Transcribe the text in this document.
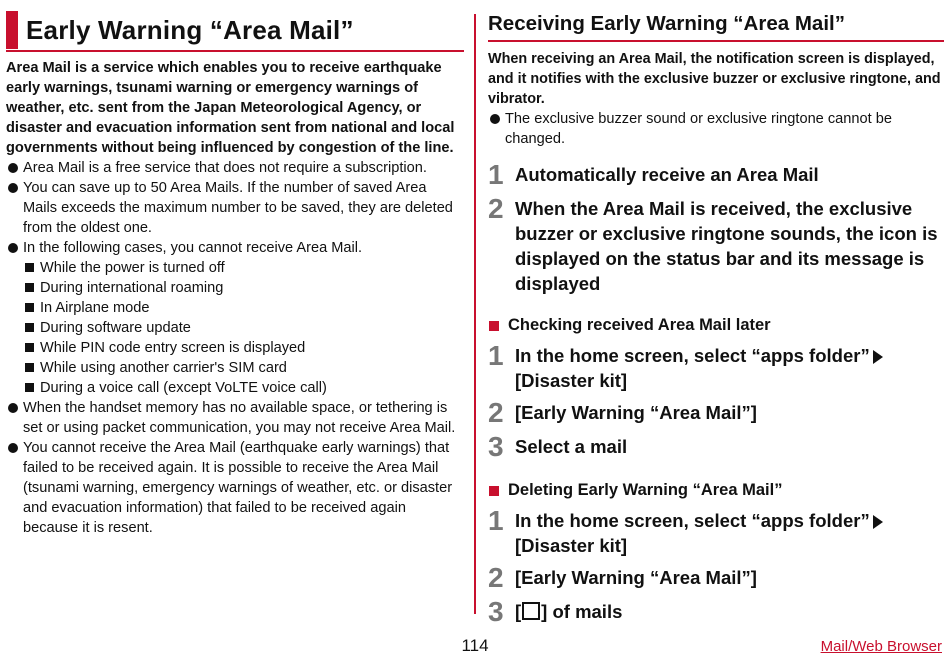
Early Warning “Area Mail”

Area Mail is a service which enables you to receive earthquake early warnings, tsunami warning or emergency warnings of weather, etc. sent from the Japan Meteorological Agency, or disaster and evacuation information sent from national and local governments without being influenced by congestion of the line.

Area Mail is a free service that does not require a subscription.
You can save up to 50 Area Mails. If the number of saved Area Mails exceeds the maximum number to be saved, they are deleted from the oldest one.
In the following cases, you cannot receive Area Mail.
While the power is turned off
During international roaming
In Airplane mode
During software update
While PIN code entry screen is displayed
While using another carrier's SIM card
During a voice call (except VoLTE voice call)
When the handset memory has no available space, or tethering is set or using packet communication, you may not receive Area Mail.
You cannot receive the Area Mail (earthquake early warnings) that failed to be received again. It is possible to receive the Area Mail (tsunami warning, emergency warnings of weather, etc. or disaster and evacuation information) that failed to be received again because it is resent.
Receiving Early Warning “Area Mail”

When receiving an Area Mail, the notification screen is displayed, and it notifies with the exclusive buzzer or exclusive ringtone, and vibrator.

The exclusive buzzer sound or exclusive ringtone cannot be changed.
1 Automatically receive an Area Mail
2 When the Area Mail is received, the exclusive buzzer or exclusive ringtone sounds, the icon is displayed on the status bar and its message is displayed
Checking received Area Mail later
1 In the home screen, select “apps folder”
[Disaster kit]
2 [Early Warning “Area Mail”]
3 Select a mail
Deleting Early Warning “Area Mail”
1 In the home screen, select “apps folder”
[Disaster kit]
2 [Early Warning “Area Mail”]
3 [ ] of mails
114	Mail/Web Browser
